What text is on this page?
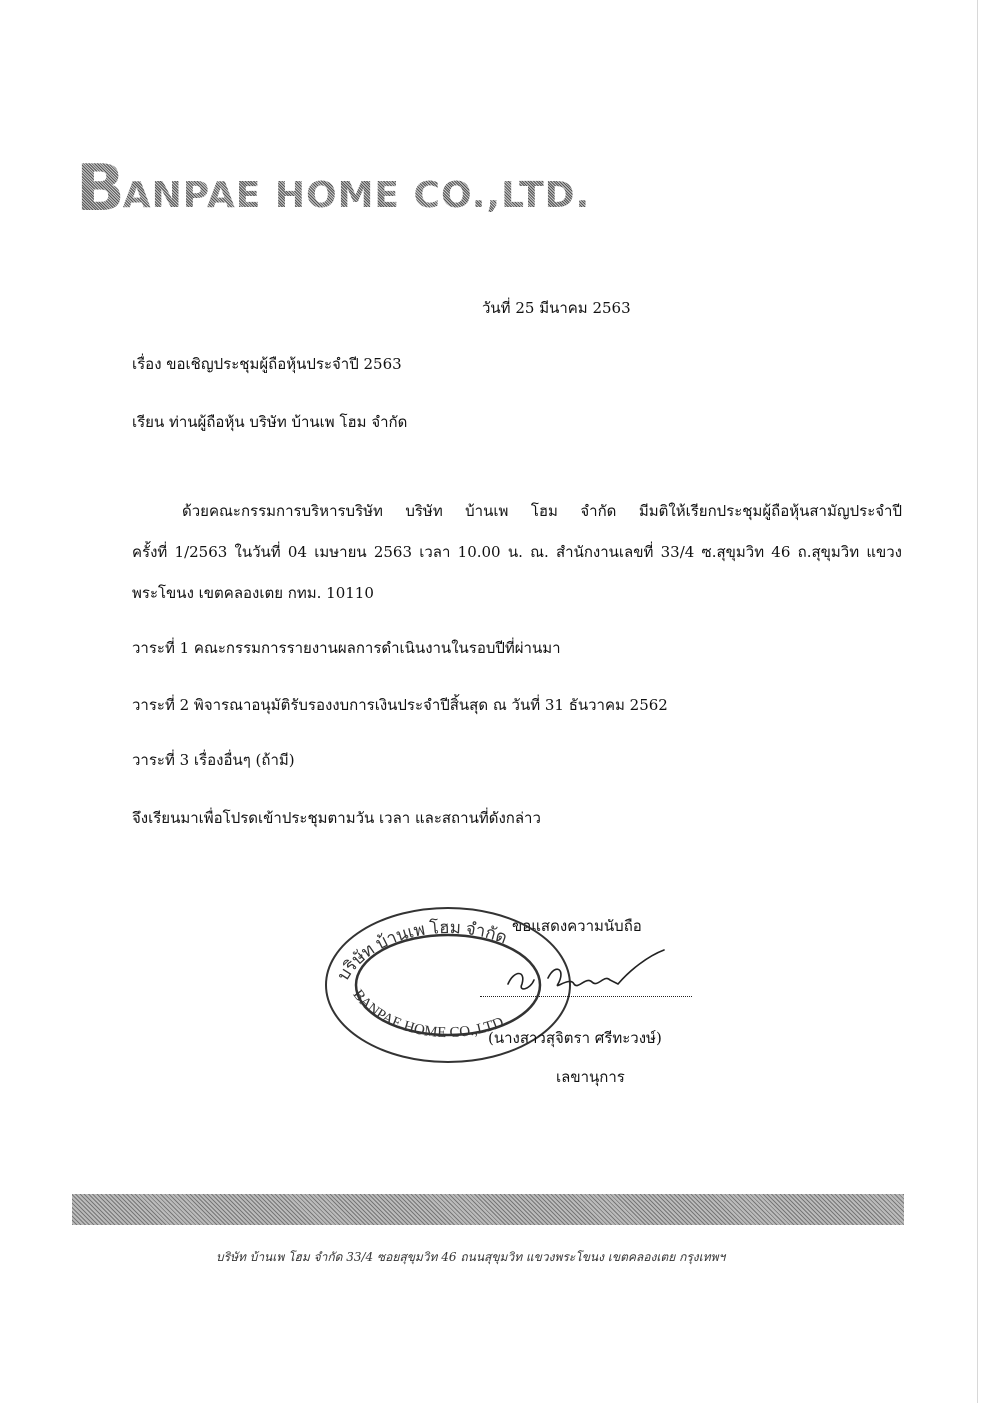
B
ANPAE HOME CO.,LTD.
วันที่ 25 มีนาคม 2563
เรื่อง ขอเชิญประชุมผู้ถือหุ้นประจำปี 2563
เรียน ท่านผู้ถือหุ้น บริษัท บ้านเพ โฮม จำกัด
ด้วยคณะกรรมการบริหารบริษัท บริษัท บ้านเพ โฮม จำกัด มีมติให้เรียกประชุมผู้ถือหุ้นสามัญประจำปี
ครั้งที่ 1/2563 ในวันที่ 04 เมษายน 2563 เวลา 10.00 น. ณ. สำนักงานเลขที่ 33/4 ซ.สุขุมวิท 46 ถ.สุขุมวิท แขวง
พระโขนง เขตคลองเตย กทม. 10110
วาระที่ 1 คณะกรรมการรายงานผลการดำเนินงานในรอบปีที่ผ่านมา
วาระที่ 2 พิจารณาอนุมัติรับรองงบการเงินประจำปีสิ้นสุด ณ วันที่ 31 ธันวาคม 2562
วาระที่ 3 เรื่องอื่นๆ (ถ้ามี)
จึงเรียนมาเพื่อโปรดเข้าประชุมตามวัน เวลา และสถานที่ดังกล่าว
ขอแสดงความนับถือ
บริษัท บ้านเพ โฮม จำกัด
BANPAE HOME CO.,LTD.
(นางสาวสุจิตรา ศรีทะวงษ์)
เลขานุการ
บริษัท บ้านเพ โฮม จำกัด 33/4 ซอยสุขุมวิท 46 ถนนสุขุมวิท แขวงพระโขนง เขตคลองเตย กรุงเทพฯ
